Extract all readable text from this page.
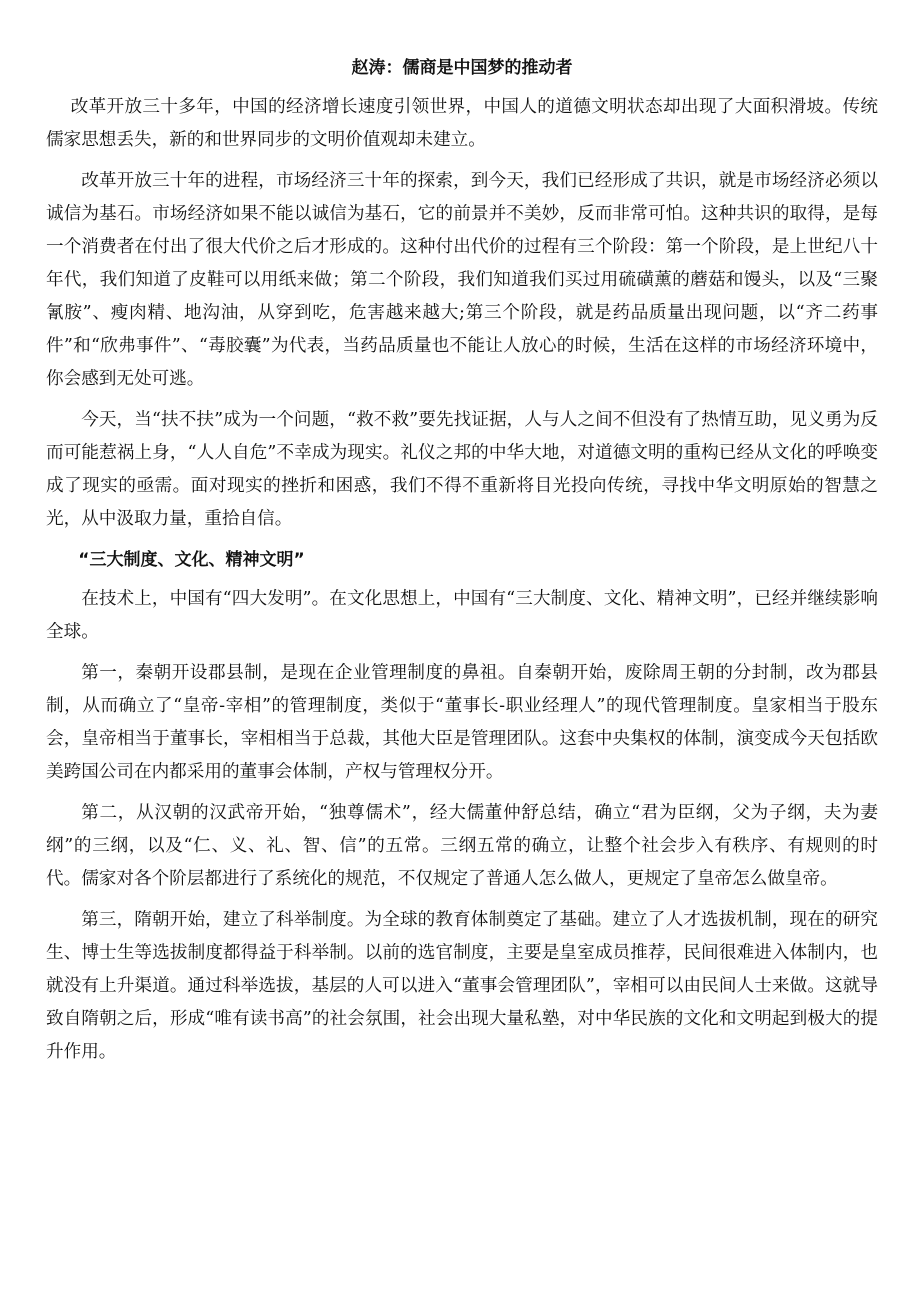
赵涛：儒商是中国梦的推动者

改革开放三十多年，中国的经济增长速度引领世界，中国人的道德文明状态却出现了大面积滑坡。传统儒家思想丢失，新的和世界同步的文明价值观却未建立。

改革开放三十年的进程，市场经济三十年的探索，到今天，我们已经形成了共识，就是市场经济必须以诚信为基石。市场经济如果不能以诚信为基石，它的前景并不美妙，反而非常可怕。这种共识的取得，是每一个消费者在付出了很大代价之后才形成的。这种付出代价的过程有三个阶段：第一个阶段，是上世纪八十年代，我们知道了皮鞋可以用纸来做；第二个阶段，我们知道我们买过用硫磺薰的蘑菇和馒头，以及“三聚氰胺”、瘦肉精、地沟油，从穿到吃，危害越来越大;第三个阶段，就是药品质量出现问题，以“齐二药事件”和“欣弗事件”、“毒胶囊”为代表，当药品质量也不能让人放心的时候，生活在这样的市场经济环境中，你会感到无处可逃。

今天，当“扶不扶”成为一个问题，“救不救”要先找证据，人与人之间不但没有了热情互助，见义勇为反而可能惹祸上身，“人人自危”不幸成为现实。礼仪之邦的中华大地，对道德文明的重构已经从文化的呼唤变成了现实的亟需。面对现实的挫折和困惑，我们不得不重新将目光投向传统，寻找中华文明原始的智慧之光，从中汲取力量，重拾自信。

“三大制度、文化、精神文明”

在技术上，中国有“四大发明”。在文化思想上，中国有“三大制度、文化、精神文明”，已经并继续影响全球。

第一，秦朝开设郡县制，是现在企业管理制度的鼻祖。自秦朝开始，废除周王朝的分封制，改为郡县制，从而确立了“皇帝-宰相”的管理制度，类似于“董事长-职业经理人”的现代管理制度。皇家相当于股东会，皇帝相当于董事长，宰相相当于总裁，其他大臣是管理团队。这套中央集权的体制，演变成今天包括欧美跨国公司在内都采用的董事会体制，产权与管理权分开。

第二，从汉朝的汉武帝开始，“独尊儒术”，经大儒董仲舒总结，确立“君为臣纲，父为子纲，夫为妻纲”的三纲，以及“仁、义、礼、智、信”的五常。三纲五常的确立，让整个社会步入有秩序、有规则的时代。儒家对各个阶层都进行了系统化的规范，不仅规定了普通人怎么做人，更规定了皇帝怎么做皇帝。

第三，隋朝开始，建立了科举制度。为全球的教育体制奠定了基础。建立了人才选拔机制，现在的研究生、博士生等选拔制度都得益于科举制。以前的选官制度，主要是皇室成员推荐，民间很难进入体制内，也就没有上升渠道。通过科举选拔，基层的人可以进入“董事会管理团队”，宰相可以由民间人士来做。这就导致自隋朝之后，形成“唯有读书高”的社会氛围，社会出现大量私塾，对中华民族的文化和文明起到极大的提升作用。
